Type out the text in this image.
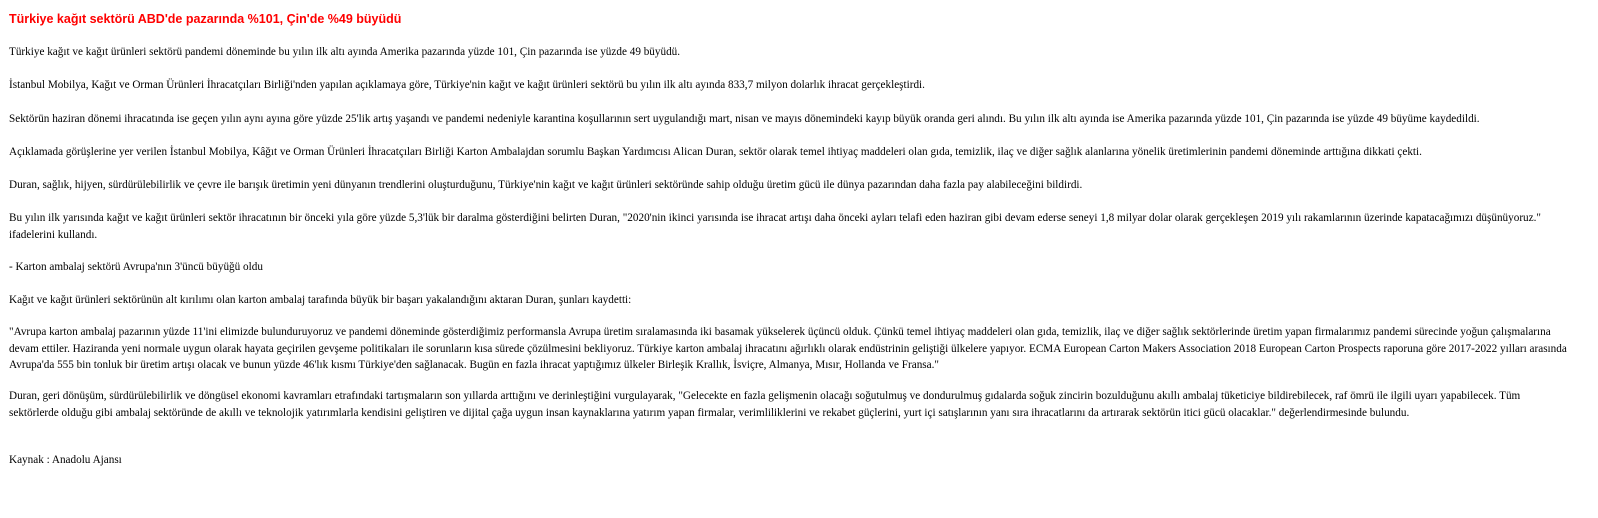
Türkiye kağıt sektörü ABD'de pazarında %101, Çin'de %49 büyüdü

Türkiye kağıt ve kağıt ürünleri sektörü pandemi döneminde bu yılın ilk altı ayında Amerika pazarında yüzde 101, Çin pazarında ise yüzde 49 büyüdü.

İstanbul Mobilya, Kağıt ve Orman Ürünleri İhracatçıları Birliği'nden yapılan açıklamaya göre, Türkiye'nin kağıt ve kağıt ürünleri sektörü bu yılın ilk altı ayında 833,7 milyon dolarlık ihracat gerçekleştirdi.

Sektörün haziran dönemi ihracatında ise geçen yılın aynı ayına göre yüzde 25'lik artış yaşandı ve pandemi nedeniyle karantina koşullarının sert uygulandığı mart, nisan ve mayıs dönemindeki kayıp büyük oranda geri alındı. Bu yılın ilk altı ayında ise Amerika pazarında yüzde 101, Çin pazarında ise yüzde 49 büyüme kaydedildi.

Açıklamada görüşlerine yer verilen İstanbul Mobilya, Kâğıt ve Orman Ürünleri İhracatçıları Birliği Karton Ambalajdan sorumlu Başkan Yardımcısı Alican Duran, sektör olarak temel ihtiyaç maddeleri olan gıda, temizlik, ilaç ve diğer sağlık alanlarına yönelik üretimlerinin pandemi döneminde arttığına dikkati çekti.

Duran, sağlık, hijyen, sürdürülebilirlik ve çevre ile barışık üretimin yeni dünyanın trendlerini oluşturduğunu, Türkiye'nin kağıt ve kağıt ürünleri sektöründe sahip olduğu üretim gücü ile dünya pazarından daha fazla pay alabileceğini bildirdi.

Bu yılın ilk yarısında kağıt ve kağıt ürünleri sektör ihracatının bir önceki yıla göre yüzde 5,3'lük bir daralma gösterdiğini belirten Duran, "2020'nin ikinci yarısında ise ihracat artışı daha önceki ayları telafi eden haziran gibi devam ederse seneyi 1,8 milyar dolar olarak gerçekleşen 2019 yılı rakamlarının üzerinde kapatacağımızı düşünüyoruz." ifadelerini kullandı.

- Karton ambalaj sektörü Avrupa'nın 3'üncü büyüğü oldu

Kağıt ve kağıt ürünleri sektörünün alt kırılımı olan karton ambalaj tarafında büyük bir başarı yakalandığını aktaran Duran, şunları kaydetti:

"Avrupa karton ambalaj pazarının yüzde 11'ini elimizde bulunduruyoruz ve pandemi döneminde gösterdiğimiz performansla Avrupa üretim sıralamasında iki basamak yükselerek üçüncü olduk. Çünkü temel ihtiyaç maddeleri olan gıda, temizlik, ilaç ve diğer sağlık sektörlerinde üretim yapan firmalarımız pandemi sürecinde yoğun çalışmalarına devam ettiler. Haziranda yeni normale uygun olarak hayata geçirilen gevşeme politikaları ile sorunların kısa sürede çözülmesini bekliyoruz. Türkiye karton ambalaj ihracatını ağırlıklı olarak endüstrinin geliştiği ülkelere yapıyor. ECMA European Carton Makers Association 2018 European Carton Prospects raporuna göre 2017-2022 yılları arasında Avrupa'da 555 bin tonluk bir üretim artışı olacak ve bunun yüzde 46'lık kısmı Türkiye'den sağlanacak. Bugün en fazla ihracat yaptığımız ülkeler Birleşik Krallık, İsviçre, Almanya, Mısır, Hollanda ve Fransa."

Duran, geri dönüşüm, sürdürülebilirlik ve döngüsel ekonomi kavramları etrafındaki tartışmaların son yıllarda arttığını ve derinleştiğini vurgulayarak, "Gelecekte en fazla gelişmenin olacağı soğutulmuş ve dondurulmuş gıdalarda soğuk zincirin bozulduğunu akıllı ambalaj tüketiciye bildirebilecek, raf ömrü ile ilgili uyarı yapabilecek. Tüm sektörlerde olduğu gibi ambalaj sektöründe de akıllı ve teknolojik yatırımlarla kendisini geliştiren ve dijital çağa uygun insan kaynaklarına yatırım yapan firmalar, verimliliklerini ve rekabet güçlerini, yurt içi satışlarının yanı sıra ihracatlarını da artırarak sektörün itici gücü olacaklar." değerlendirmesinde bulundu.

Kaynak : Anadolu Ajansı
